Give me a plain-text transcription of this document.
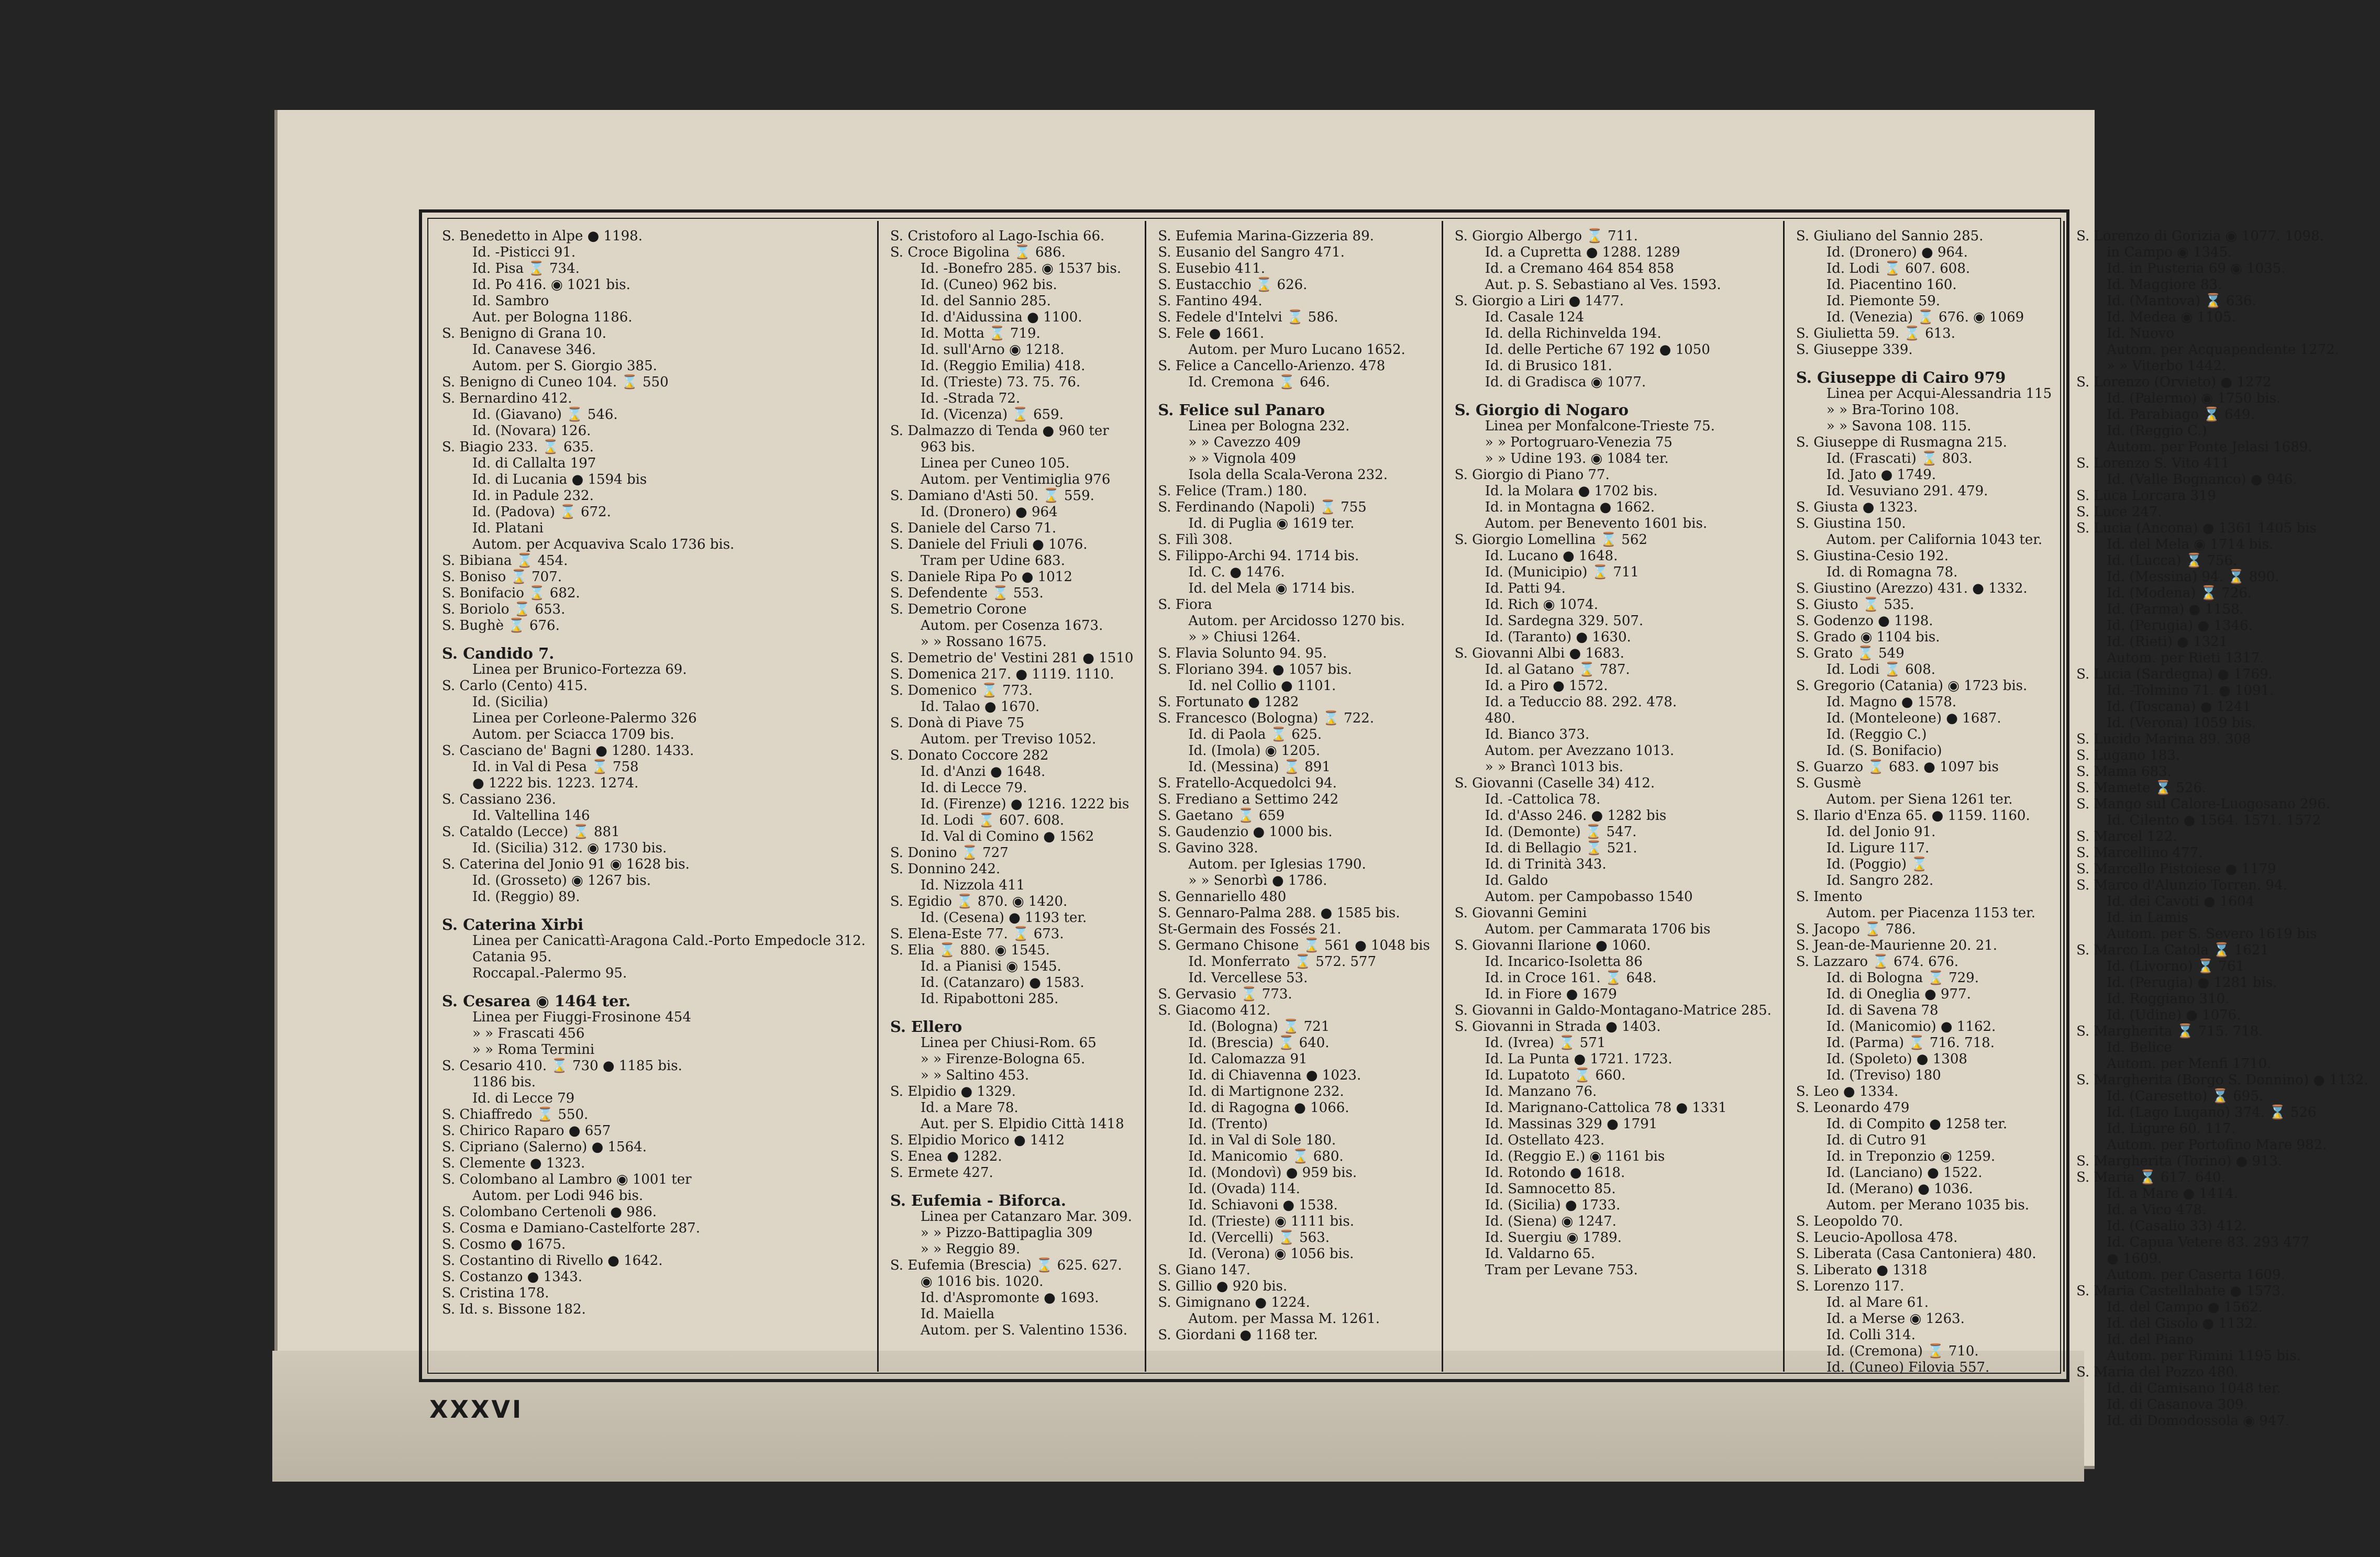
S. Benedetto in Alpe ● 1198.
Id. -Pisticci 91.
Id. Pisa ⌛ 734.
Id. Po 416. ◉ 1021 bis.
Id. Sambro
Aut. per Bologna 1186.
S. Benigno di Grana 10.
Id. Canavese 346.
Autom. per S. Giorgio 385.
S. Benigno di Cuneo 104. ⌛ 550
S. Bernardino 412.
Id. (Giavano) ⌛ 546.
Id. (Novara) 126.
S. Biagio 233. ⌛ 635.
Id. di Callalta 197
Id. di Lucania ● 1594 bis
Id. in Padule 232.
Id. (Padova) ⌛ 672.
Id. Platani
Autom. per Acquaviva Scalo 1736 bis.
S. Bibiana ⌛ 454.
S. Boniso ⌛ 707.
S. Bonifacio ⌛ 682.
S. Boriolo ⌛ 653.
S. Bughè ⌛ 676.
S. Candido 7.
Linea per Brunico-Fortezza 69.
S. Carlo (Cento) 415.
Id. (Sicilia)
Linea per Corleone-Palermo 326
Autom. per Sciacca 1709 bis.
S. Casciano de' Bagni ● 1280. 1433.
Id. in Val di Pesa ⌛ 758
● 1222 bis. 1223. 1274.
S. Cassiano 236.
Id. Valtellina 146
S. Cataldo (Lecce) ⌛ 881
Id. (Sicilia) 312. ◉ 1730 bis.
S. Caterina del Jonio 91 ◉ 1628 bis.
Id. (Grosseto) ◉ 1267 bis.
Id. (Reggio) 89.
S. Caterina Xirbi
Linea per Canicattì-Aragona Cald.-Porto Empedocle 312.
Catania 95.
Roccapal.-Palermo 95.
S. Cesarea ◉ 1464 ter.
Linea per Fiuggi-Frosinone 454
» » Frascati 456
» » Roma Termini
S. Cesario 410. ⌛ 730 ● 1185 bis.
1186 bis.
Id. di Lecce 79
S. Chiaffredo ⌛ 550.
S. Chirico Raparo ● 657
S. Cipriano (Salerno) ● 1564.
S. Clemente ● 1323.
S. Colombano al Lambro ◉ 1001 ter
Autom. per Lodi 946 bis.
S. Colombano Certenoli ● 986.
S. Cosma e Damiano-Castelforte 287.
S. Cosmo ● 1675.
S. Costantino di Rivello ● 1642.
S. Costanzo ● 1343.
S. Cristina 178.
S. Id. s. Bissone 182.
S. Cristoforo al Lago-Ischia 66.
S. Croce Bigolina ⌛ 686.
Id. -Bonefro 285. ◉ 1537 bis.
Id. (Cuneo) 962 bis.
Id. del Sannio 285.
Id. d'Aidussina ● 1100.
Id. Motta ⌛ 719.
Id. sull'Arno ◉ 1218.
Id. (Reggio Emilia) 418.
Id. (Trieste) 73. 75. 76.
Id. -Strada 72.
Id. (Vicenza) ⌛ 659.
S. Dalmazzo di Tenda ● 960 ter
963 bis.
Linea per Cuneo 105.
Autom. per Ventimiglia 976
S. Damiano d'Asti 50. ⌛ 559.
Id. (Dronero) ● 964
S. Daniele del Carso 71.
S. Daniele del Friuli ● 1076.
Tram per Udine 683.
S. Daniele Ripa Po ● 1012
S. Defendente ⌛ 553.
S. Demetrio Corone
Autom. per Cosenza 1673.
» » Rossano 1675.
S. Demetrio de' Vestini 281 ● 1510
S. Domenica 217. ● 1119. 1110.
S. Domenico ⌛ 773.
Id. Talao ● 1670.
S. Donà di Piave 75
Autom. per Treviso 1052.
S. Donato Coccore 282
Id. d'Anzi ● 1648.
Id. di Lecce 79.
Id. (Firenze) ● 1216. 1222 bis
Id. Lodi ⌛ 607. 608.
Id. Val di Comino ● 1562
S. Donino ⌛ 727
S. Donnino 242.
Id. Nizzola 411
S. Egidio ⌛ 870. ◉ 1420.
Id. (Cesena) ● 1193 ter.
S. Elena-Este 77. ⌛ 673.
S. Elia ⌛ 880. ◉ 1545.
Id. a Pianisi ◉ 1545.
Id. (Catanzaro) ● 1583.
Id. Ripabottoni 285.
S. Ellero
Linea per Chiusi-Rom. 65
» » Firenze-Bologna 65.
» » Saltino 453.
S. Elpidio ● 1329.
Id. a Mare 78.
Aut. per S. Elpidio Città 1418
S. Elpidio Morico ● 1412
S. Enea ● 1282.
S. Ermete 427.
S. Eufemia - Biforca.
Linea per Catanzaro Mar. 309.
» » Pizzo-Battipaglia 309
» » Reggio 89.
S. Eufemia (Brescia) ⌛ 625. 627.
◉ 1016 bis. 1020.
Id. d'Aspromonte ● 1693.
Id. Maiella
Autom. per S. Valentino 1536.
S. Eufemia Marina-Gizzeria 89.
S. Eusanio del Sangro 471.
S. Eusebio 411.
S. Eustacchio ⌛ 626.
S. Fantino 494.
S. Fedele d'Intelvi ⌛ 586.
S. Fele ● 1661.
Autom. per Muro Lucano 1652.
S. Felice a Cancello-Arienzo. 478
Id. Cremona ⌛ 646.
S. Felice sul Panaro
Linea per Bologna 232.
» » Cavezzo 409
» » Vignola 409
Isola della Scala-Verona 232.
S. Felice (Tram.) 180.
S. Ferdinando (Napoli) ⌛ 755
Id. di Puglia ◉ 1619 ter.
S. Filì 308.
S. Filippo-Archi 94. 1714 bis.
Id. C. ● 1476.
Id. del Mela ◉ 1714 bis.
S. Fiora
Autom. per Arcidosso 1270 bis.
» » Chiusi 1264.
S. Flavia Solunto 94. 95.
S. Floriano 394. ● 1057 bis.
Id. nel Collio ● 1101.
S. Fortunato ● 1282
S. Francesco (Bologna) ⌛ 722.
Id. di Paola ⌛ 625.
Id. (Imola) ◉ 1205.
Id. (Messina) ⌛ 891
S. Fratello-Acquedolci 94.
S. Frediano a Settimo 242
S. Gaetano ⌛ 659
S. Gaudenzio ● 1000 bis.
S. Gavino 328.
Autom. per Iglesias 1790.
» » Senorbì ● 1786.
S. Gennariello 480
S. Gennaro-Palma 288. ● 1585 bis.
St-Germain des Fossés 21.
S. Germano Chisone ⌛ 561 ● 1048 bis
Id. Monferrato ⌛ 572. 577
Id. Vercellese 53.
S. Gervasio ⌛ 773.
S. Giacomo 412.
Id. (Bologna) ⌛ 721
Id. (Brescia) ⌛ 640.
Id. Calomazza 91
Id. di Chiavenna ● 1023.
Id. di Martignone 232.
Id. di Ragogna ● 1066.
Id. (Trento)
Id. in Val di Sole 180.
Id. Manicomio ⌛ 680.
Id. (Mondovì) ● 959 bis.
Id. (Ovada) 114.
Id. Schiavoni ● 1538.
Id. (Trieste) ◉ 1111 bis.
Id. (Vercelli) ⌛ 563.
Id. (Verona) ◉ 1056 bis.
S. Giano 147.
S. Gillio ● 920 bis.
S. Gimignano ● 1224.
Autom. per Massa M. 1261.
S. Giordani ● 1168 ter.
S. Giorgio Albergo ⌛ 711.
Id. a Cupretta ● 1288. 1289
Id. a Cremano 464 854 858
Aut. p. S. Sebastiano al Ves. 1593.
S. Giorgio a Liri ● 1477.
Id. Casale 124
Id. della Richinvelda 194.
Id. delle Pertiche 67 192 ● 1050
Id. di Brusico 181.
Id. di Gradisca ◉ 1077.
S. Giorgio di Nogaro
Linea per Monfalcone-Trieste 75.
» » Portogruaro-Venezia 75
» » Udine 193. ◉ 1084 ter.
S. Giorgio di Piano 77.
Id. la Molara ● 1702 bis.
Id. in Montagna ● 1662.
Autom. per Benevento 1601 bis.
S. Giorgio Lomellina ⌛ 562
Id. Lucano ● 1648.
Id. (Municipio) ⌛ 711
Id. Patti 94.
Id. Rich ◉ 1074.
Id. Sardegna 329. 507.
Id. (Taranto) ● 1630.
S. Giovanni Albi ● 1683.
Id. al Gatano ⌛ 787.
Id. a Piro ● 1572.
Id. a Teduccio 88. 292. 478.
480.
Id. Bianco 373.
Autom. per Avezzano 1013.
» » Brancì 1013 bis.
S. Giovanni (Caselle 34) 412.
Id. -Cattolica 78.
Id. d'Asso 246. ● 1282 bis
Id. (Demonte) ⌛ 547.
Id. di Bellagio ⌛ 521.
Id. di Trinità 343.
Id. Galdo
Autom. per Campobasso 1540
S. Giovanni Gemini
Autom. per Cammarata 1706 bis
S. Giovanni Ilarione ● 1060.
Id. Incarico-Isoletta 86
Id. in Croce 161. ⌛ 648.
Id. in Fiore ● 1679
S. Giovanni in Galdo-Montagano-Matrice 285.
S. Giovanni in Strada ● 1403.
Id. (Ivrea) ⌛ 571
Id. La Punta ● 1721. 1723.
Id. Lupatoto ⌛ 660.
Id. Manzano 76.
Id. Marignano-Cattolica 78 ● 1331
Id. Massinas 329 ● 1791
Id. Ostellato 423.
Id. (Reggio E.) ◉ 1161 bis
Id. Rotondo ● 1618.
Id. Samnocetto 85.
Id. (Sicilia) ● 1733.
Id. (Siena) ◉ 1247.
Id. Suergiu ◉ 1789.
Id. Valdarno 65.
Tram per Levane 753.
S. Giuliano del Sannio 285.
Id. (Dronero) ● 964.
Id. Lodi ⌛ 607. 608.
Id. Piacentino 160.
Id. Piemonte 59.
Id. (Venezia) ⌛ 676. ◉ 1069
S. Giulietta 59. ⌛ 613.
S. Giuseppe 339.
S. Giuseppe di Cairo 979
Linea per Acqui-Alessandria 115
» » Bra-Torino 108.
» » Savona 108. 115.
S. Giuseppe di Rusmagna 215.
Id. (Frascati) ⌛ 803.
Id. Jato ● 1749.
Id. Vesuviano 291. 479.
S. Giusta ● 1323.
S. Giustina 150.
Autom. per California 1043 ter.
S. Giustina-Cesio 192.
Id. di Romagna 78.
S. Giustino (Arezzo) 431. ● 1332.
S. Giusto ⌛ 535.
S. Godenzo ● 1198.
S. Grado ◉ 1104 bis.
S. Grato ⌛ 549
Id. Lodi ⌛ 608.
S. Gregorio (Catania) ◉ 1723 bis.
Id. Magno ● 1578.
Id. (Monteleone) ● 1687.
Id. (Reggio C.)
Id. (S. Bonifacio)
S. Guarzo ⌛ 683. ● 1097 bis
S. Gusmè
Autom. per Siena 1261 ter.
S. Ilario d'Enza 65. ● 1159. 1160.
Id. del Jonio 91.
Id. Ligure 117.
Id. (Poggio) ⌛
Id. Sangro 282.
S. Imento
Autom. per Piacenza 1153 ter.
S. Jacopo ⌛ 786.
S. Jean-de-Maurienne 20. 21.
S. Lazzaro ⌛ 674. 676.
Id. di Bologna ⌛ 729.
Id. di Oneglia ● 977.
Id. di Savena 78
Id. (Manicomio) ● 1162.
Id. (Parma) ⌛ 716. 718.
Id. (Spoleto) ● 1308
Id. (Treviso) 180
S. Leo ● 1334.
S. Leonardo 479
Id. di Compito ● 1258 ter.
Id. di Cutro 91
Id. in Treponzio ◉ 1259.
Id. (Lanciano) ● 1522.
Id. (Merano) ● 1036.
Autom. per Merano 1035 bis.
S. Leopoldo 70.
S. Leucio-Apollosa 478.
S. Liberata (Casa Cantoniera) 480.
S. Liberato ● 1318
S. Lorenzo 117.
Id. al Mare 61.
Id. a Merse ◉ 1263.
Id. Colli 314.
Id. (Cremona) ⌛ 710.
Id. (Cuneo) Filovia 557.
S. Lorenzo di Gorizia ◉ 1077. 1098.
in Campo ◉ 1345.
Id. in Pusteria 69 ◉ 1035.
Id. Maggiore 83.
Id. (Mantova) ⌛ 636.
Id. Medea ◉ 1105.
Id. Nuovo
Autom. per Acquapendente 1272.
» » Viterbo 1442.
S. Lorenzo (Orvieto) ● 1272
Id. (Palermo) ◉ 1750 bis.
Id. Parabiago ⌛ 649.
Id. (Reggio C.)
Autom. per Ponte Jelasi 1689.
S. Lorenzo S. Vito 411
Id. (Valle Bognanco) ● 946.
S. Luca Lorcara 319
S. Luce 247.
S. Lucia (Ancona) ● 1361 1405 bis
Id. del Mela ◉ 1714 bis.
Id. (Lucca) ⌛ 756.
Id. (Messina) 94. ⌛ 890.
Id. (Modena) ⌛ 726.
Id. (Parma) ● 1158.
Id. (Perugia) ● 1346.
Id. (Rieti) ● 1321
Autom. per Rieti 1317.
S. Lucia (Sardegna) ● 1769.
Id. -Tolmino 71. ● 1091.
Id. (Toscana) ● 1241
Id. (Verona) 1059 bis.
S. Lucido Marina 89. 308
S. Lugano 183.
S. Mama 683.
S. Mamete ⌛ 526.
S. Mango sul Calore-Luogosano 296.
Id. Cilento ● 1564. 1571. 1572
S. Marcel 122.
S. Marcellino 477.
S. Marcello Pistoiese ● 1179
S. Marco d'Alunzio Torren. 94.
Id. dei Cavoti ● 1604
Id. in Lamis
Autom. per S. Severo 1619 bis
S. Marco La Catola ⌛ 1621
Id. (Livorno) ⌛ 761
Id. (Perugia) ● 1281 bis.
Id. Roggiano 310.
Id. (Udine) ● 1076.
S. Margherita ⌛ 715. 718.
Id. Belice
Autom. per Menfi 1710.
S. Margherita (Borgo S. Donnino) ● 1132.
Id. (Caresetto) ⌛ 695.
Id. (Lago Lugano) 374. ⌛ 526
Id. Ligure 60. 117.
Autom. per Portofino Mare 982.
S. Margherita (Torino) ● 913.
S. Maria ⌛ 617. 640.
Id. a Mare ● 1414.
Id. a Vico 478.
Id. (Casalio 33) 412.
Id. Capua Vetere 83. 293 477
● 1609.
Autom. per Caserta 1609.
S. Maria Castellabate ● 1573.
Id. del Campo ● 1562.
Id. del Gisolo ● 1132.
Id. del Piano
Autom. per Rimini 1195 bis.
S. Maria del Pozzo 480.
Id. di Camisano 1048 ter.
Id. di Casanova 309.
Id. di Domodossola ◉ 947.
XXXVI
